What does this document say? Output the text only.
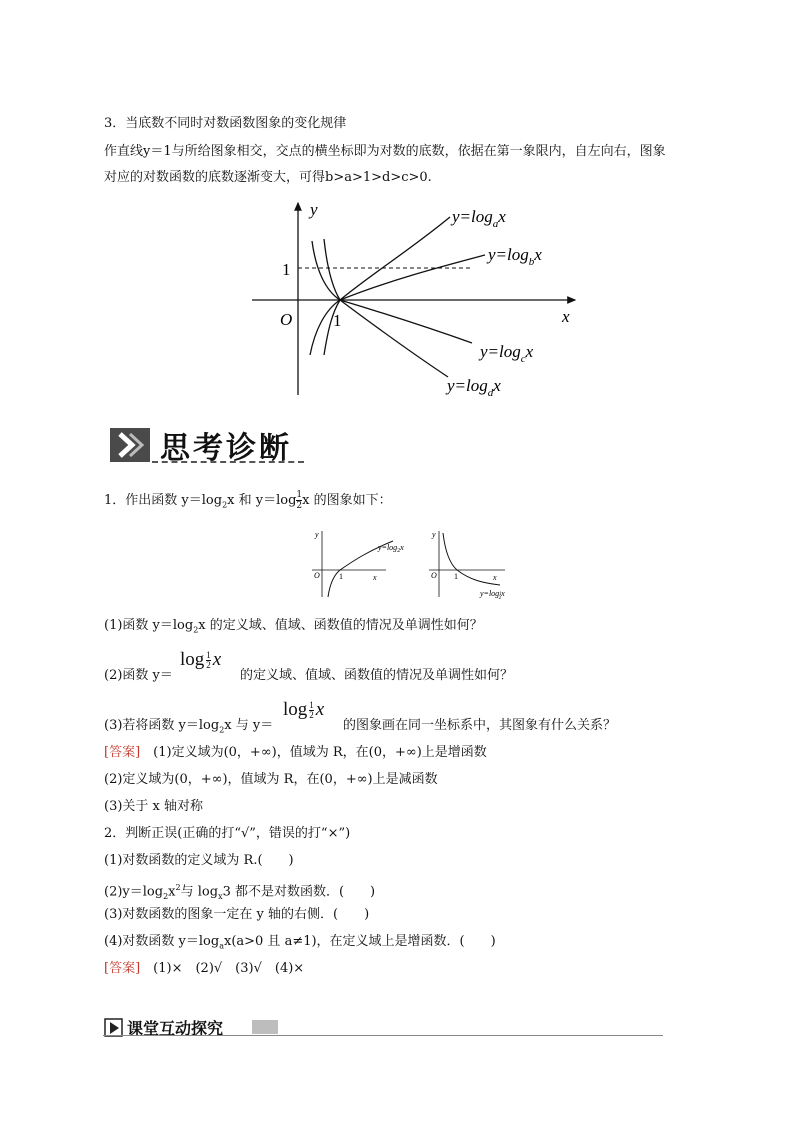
3．当底数不同时对数函数图象的变化规律
作直线y＝1与所给图象相交，交点的横坐标即为对数的底数，依据在第一象限内，自左向右，图象
对应的对数函数的底数逐渐变大，可得b>a>1>d>c>0.
y
x
O 1
1
$y=\log_ax$
$y=\log_bx$
$y=\log_cx$
$y=\log_dx$
思考诊断
1．作出函数 $y=\log_2x$ 和 $y=\log \frac{1}{2}$ x 的图象如下：
y
x
O 1
$y=\log_2x$
y
x
O 1
y=log1 2x
(1)函数 $y=\log_2x$ 的定义域、值域、函数值的情况及单调性如何？
(2)函数 y＝
$\log \frac{1}{2}$ x
的定义域、值域、函数值的情况及单调性如何？
(3)若将函数 $y=\log_2x$ 与 y＝
$\log \frac{1}{2}$ x
的图象画在同一坐标系中，其图象有什么关系？
[答案]　 (1)定义域为(0，+∞)，值域为 R，在(0，+∞)上是增函数
(2)定义域为(0，+∞)，值域为 R，在(0，+∞)上是减函数
(3)关于 x 轴对称
2．判断正误(正确的打“√”，错误的打“×”)
(1)对数函数的定义域为 R.(　　)
$(2)y=\log_2x^2$与 $\log_x3$ 都不是对数函数．(　　)
(3)对数函数的图象一定在 y 轴的右侧．(　　)
(4)对数函数 $y=\log_ax(a>0$ 且 a≠1)，在定义域上是增函数．(　　)
[答案]　 (1)×　(2)√　(3)√　(4)×
课堂互动探究
